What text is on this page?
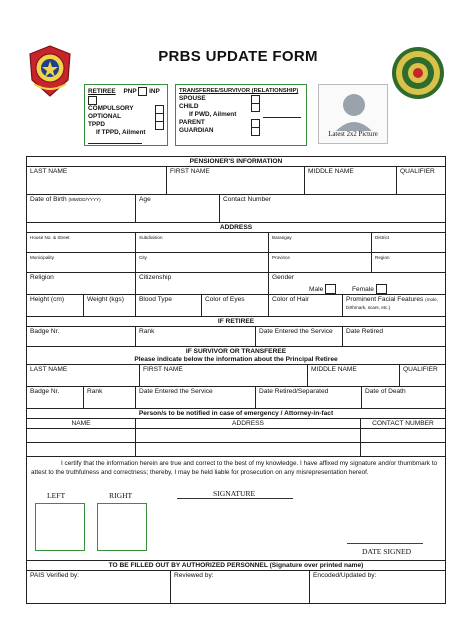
PRBS UPDATE FORM
RETIREE PNP INP
COMPULSORY
OPTIONAL
TPPD
If TPPD, Ailment
TRANSFEREE/SURVIVOR (RELATIONSHIP)
SPOUSE
CHILD
If PWD, Ailment
PARENT
GUARDIAN
Latest 2x2 Picture
PENSIONER'S INFORMATION
LAST NAME	FIRST NAME	MIDDLE NAME	QUALIFIER
Date of Birth (MM/DD/YYYY)	Age	Contact Number
ADDRESS
House No. & Street	Subdivision	Barangay	District
Municipality	City	Province	Region
Religion	Citizenship	Gender
Male	Female
Height (cm)	Weight (kgs)	Blood Type	Color of Eyes	Color of Hair	Prominent Facial Features (mole, birthmark, scars, etc.)
IF RETIREE
Badge Nr.	Rank	Date Entered the Service	Date Retired
IF SURVIVOR OR TRANSFEREE
Please indicate below the information about the Principal Retiree
LAST NAME	FIRST NAME	MIDDLE NAME	QUALIFIER
Badge Nr.	Rank	Date Entered the Service	Date Retired/Separated	Date of Death
Person/s to be notified in case of emergency / Attorney-in-fact
NAME	ADDRESS	CONTACT NUMBER
I certify that the information herein are true and correct to the best of my knowledge. I have affixed my signature and/or thumbmark to attest to the truthfulness and correctness; thereby, I may be held liable for prosecution on any misrepresentation hereof.
LEFT	RIGHT	SIGNATURE
DATE SIGNED
TO BE FILLED OUT BY AUTHORIZED PERSONNEL (Signature over printed name)
PAIS Verified by:	Reviewed by:	Encoded/Updated by:
